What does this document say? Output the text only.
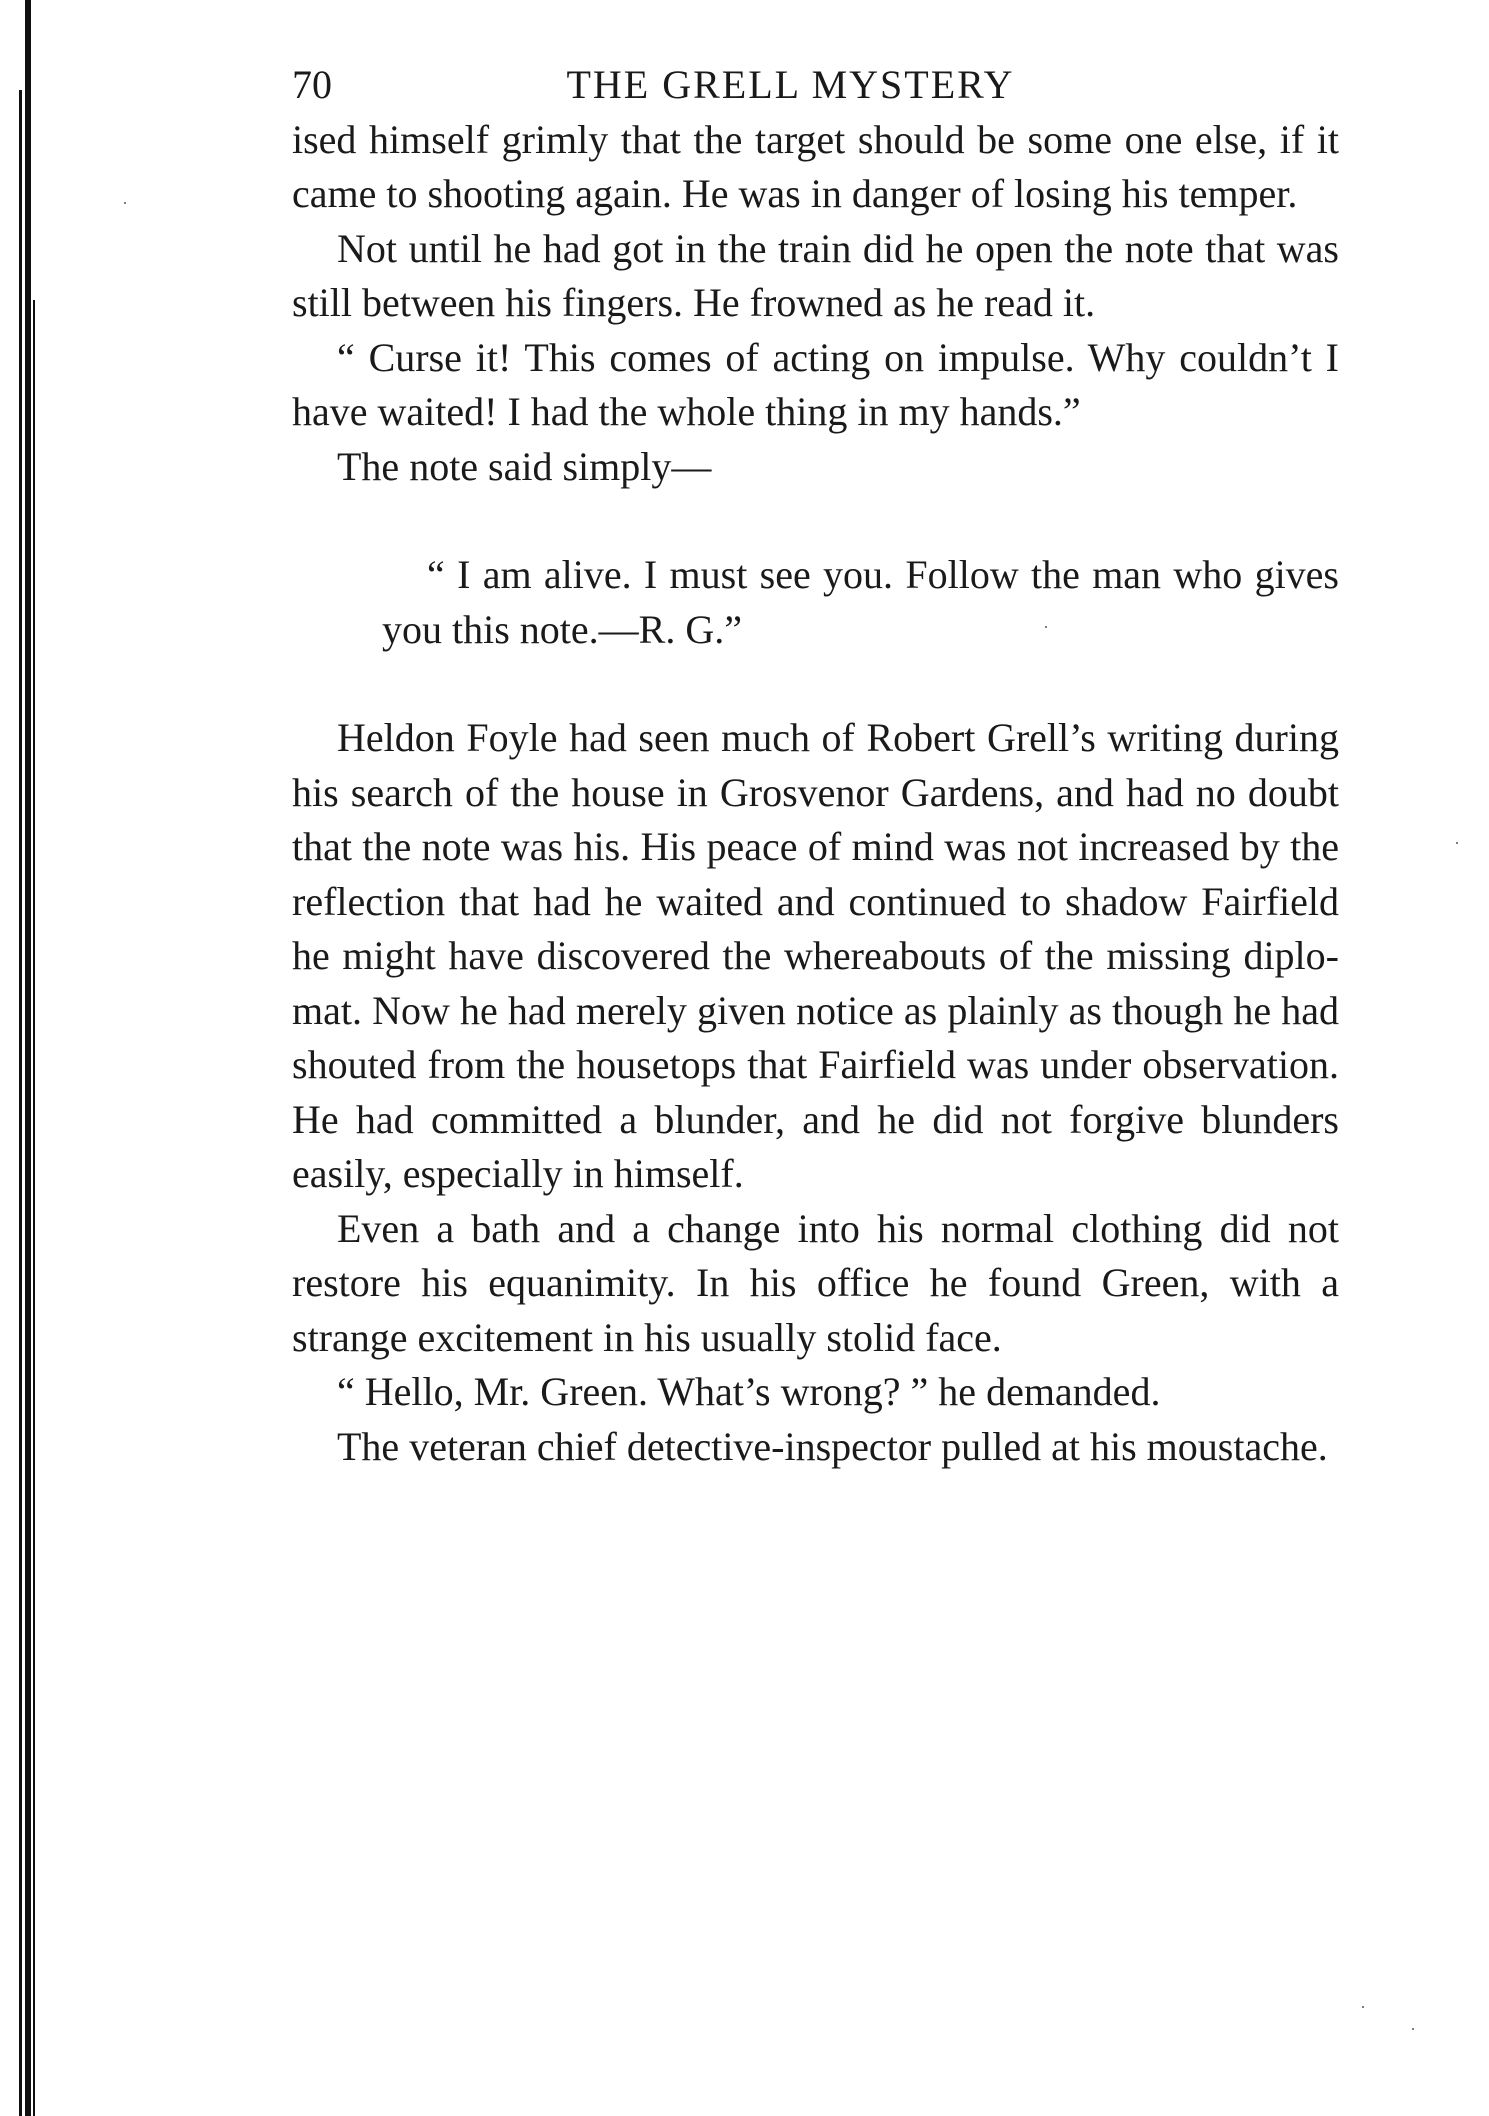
70	THE GRELL MYSTERY

ised himself grimly that the target should be some one else, if it came to shooting again. He was in danger of losing his temper.

Not until he had got in the train did he open the note that was still between his fingers. He frowned as he read it.

“ Curse it! This comes of acting on impulse. Why couldn’t I have waited! I had the whole thing in my hands.”

The note said simply—

“ I am alive. I must see you. Follow the man who gives you this note.—R. G.”

Heldon Foyle had seen much of Robert Grell’s writing during his search of the house in Grosvenor Gardens, and had no doubt that the note was his. His peace of mind was not increased by the reflection that had he waited and continued to shadow Fairfield he might have discovered the whereabouts of the missing diplomat. Now he had merely given notice as plainly as though he had shouted from the housetops that Fairfield was under observation. He had committed a blunder, and he did not forgive blunders easily, especially in himself.

Even a bath and a change into his normal clothing did not restore his equanimity. In his office he found Green, with a strange excitement in his usually stolid face.

“ Hello, Mr. Green. What’s wrong? ” he demanded.

The veteran chief detective-inspector pulled at his moustache.
